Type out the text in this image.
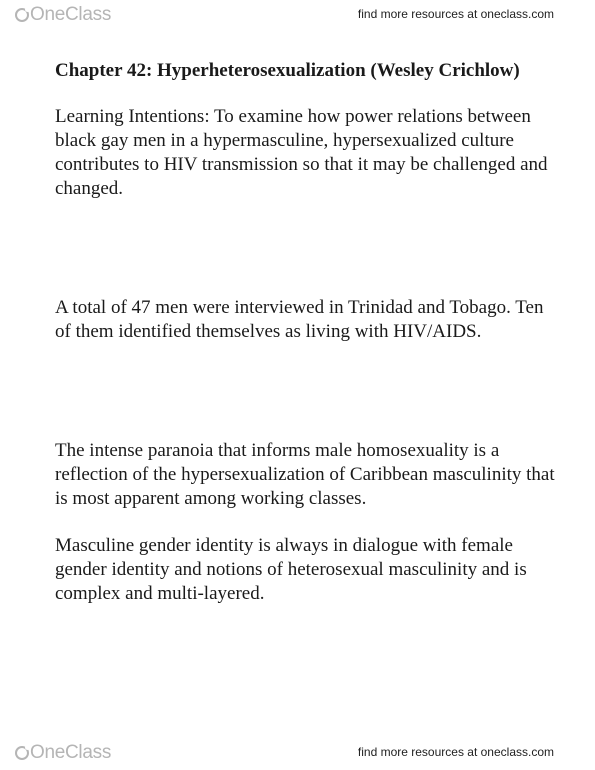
OneClass	find more resources at oneclass.com
Chapter 42: Hyperheterosexualization (Wesley Crichlow)

Learning Intentions: To examine how power relations between black gay men in a hypermasculine, hypersexualized culture contributes to HIV transmission so that it may be challenged and changed.

A total of 47 men were interviewed in Trinidad and Tobago. Ten of them identified themselves as living with HIV/AIDS.

The intense paranoia that informs male homosexuality is a reflection of the hypersexualization of Caribbean masculinity that is most apparent among working classes.

Masculine gender identity is always in dialogue with female gender identity and notions of heterosexual masculinity and is complex and multi-layered.

OneClass	find more resources at oneclass.com
